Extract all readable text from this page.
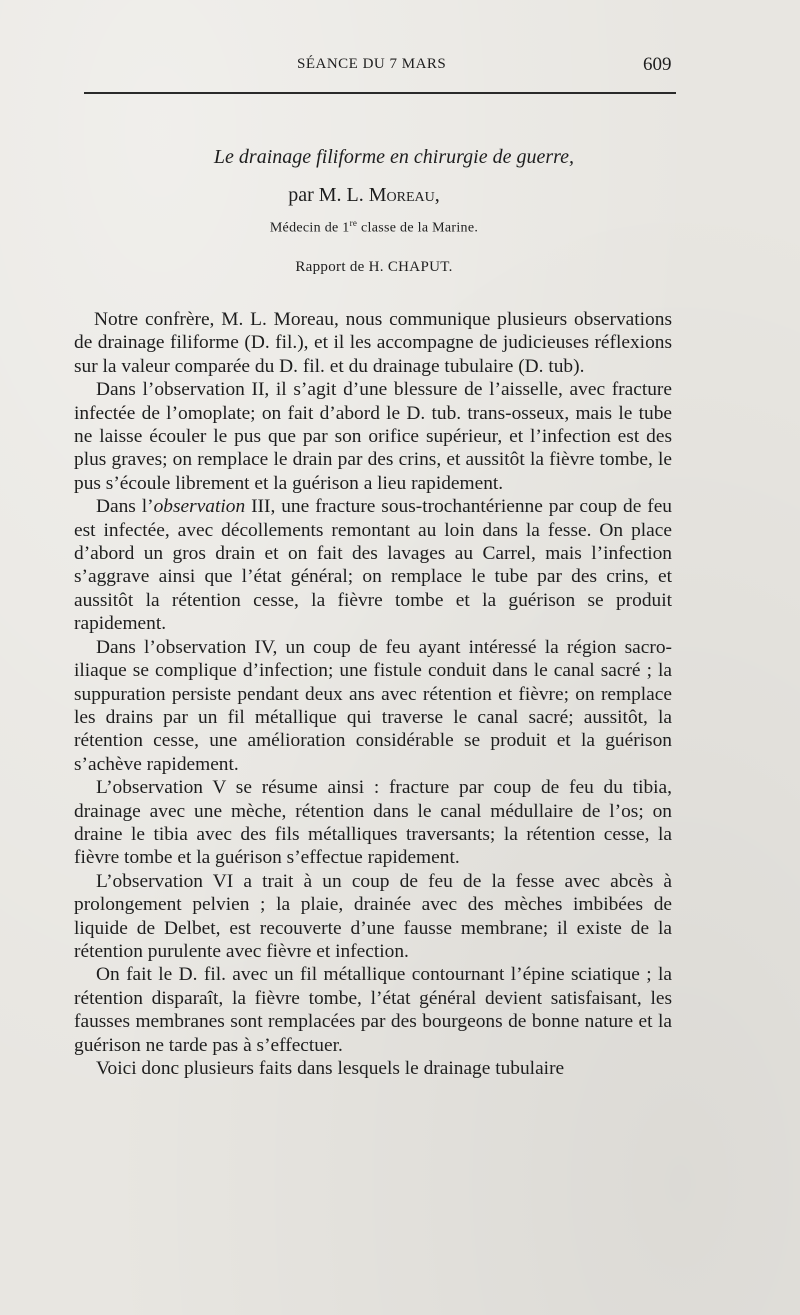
SÉANCE DU 7 MARS	609
Le drainage filiforme en chirurgie de guerre,
par M. L. Moreau,
Médecin de 1re classe de la Marine.
Rapport de H. CHAPUT.

Notre confrère, M. L. Moreau, nous communique plusieurs observations de drainage filiforme (D. fil.), et il les accompagne de judicieuses réflexions sur la valeur comparée du D. fil. et du drainage tubulaire (D. tub).

Dans l’observation II, il s’agit d’une blessure de l’aisselle, avec fracture infectée de l’omoplate; on fait d’abord le D. tub. trans-osseux, mais le tube ne laisse écouler le pus que par son orifice supérieur, et l’infection est des plus graves; on remplace le drain par des crins, et aussitôt la fièvre tombe, le pus s’écoule librement et la guérison a lieu rapidement.

Dans l’observation III, une fracture sous-trochantérienne par coup de feu est infectée, avec décollements remontant au loin dans la fesse. On place d’abord un gros drain et on fait des lavages au Carrel, mais l’infection s’aggrave ainsi que l’état général; on remplace le tube par des crins, et aussitôt la rétention cesse, la fièvre tombe et la guérison se produit rapidement.

Dans l’observation IV, un coup de feu ayant intéressé la région sacro-iliaque se complique d’infection; une fistule conduit dans le canal sacré ; la suppuration persiste pendant deux ans avec rétention et fièvre; on remplace les drains par un fil métallique qui traverse le canal sacré; aussitôt, la rétention cesse, une amélioration considérable se produit et la guérison s’achève rapidement.

L’observation V se résume ainsi : fracture par coup de feu du tibia, drainage avec une mèche, rétention dans le canal médullaire de l’os; on draine le tibia avec des fils métalliques traversants; la rétention cesse, la fièvre tombe et la guérison s’effectue rapidement.

L’observation VI a trait à un coup de feu de la fesse avec abcès à prolongement pelvien ; la plaie, drainée avec des mèches imbibées de liquide de Delbet, est recouverte d’une fausse membrane; il existe de la rétention purulente avec fièvre et infection.

On fait le D. fil. avec un fil métallique contournant l’épine sciatique ; la rétention disparaît, la fièvre tombe, l’état général devient satisfaisant, les fausses membranes sont remplacées par des bourgeons de bonne nature et la guérison ne tarde pas à s’effectuer.

Voici donc plusieurs faits dans lesquels le drainage tubulaire
